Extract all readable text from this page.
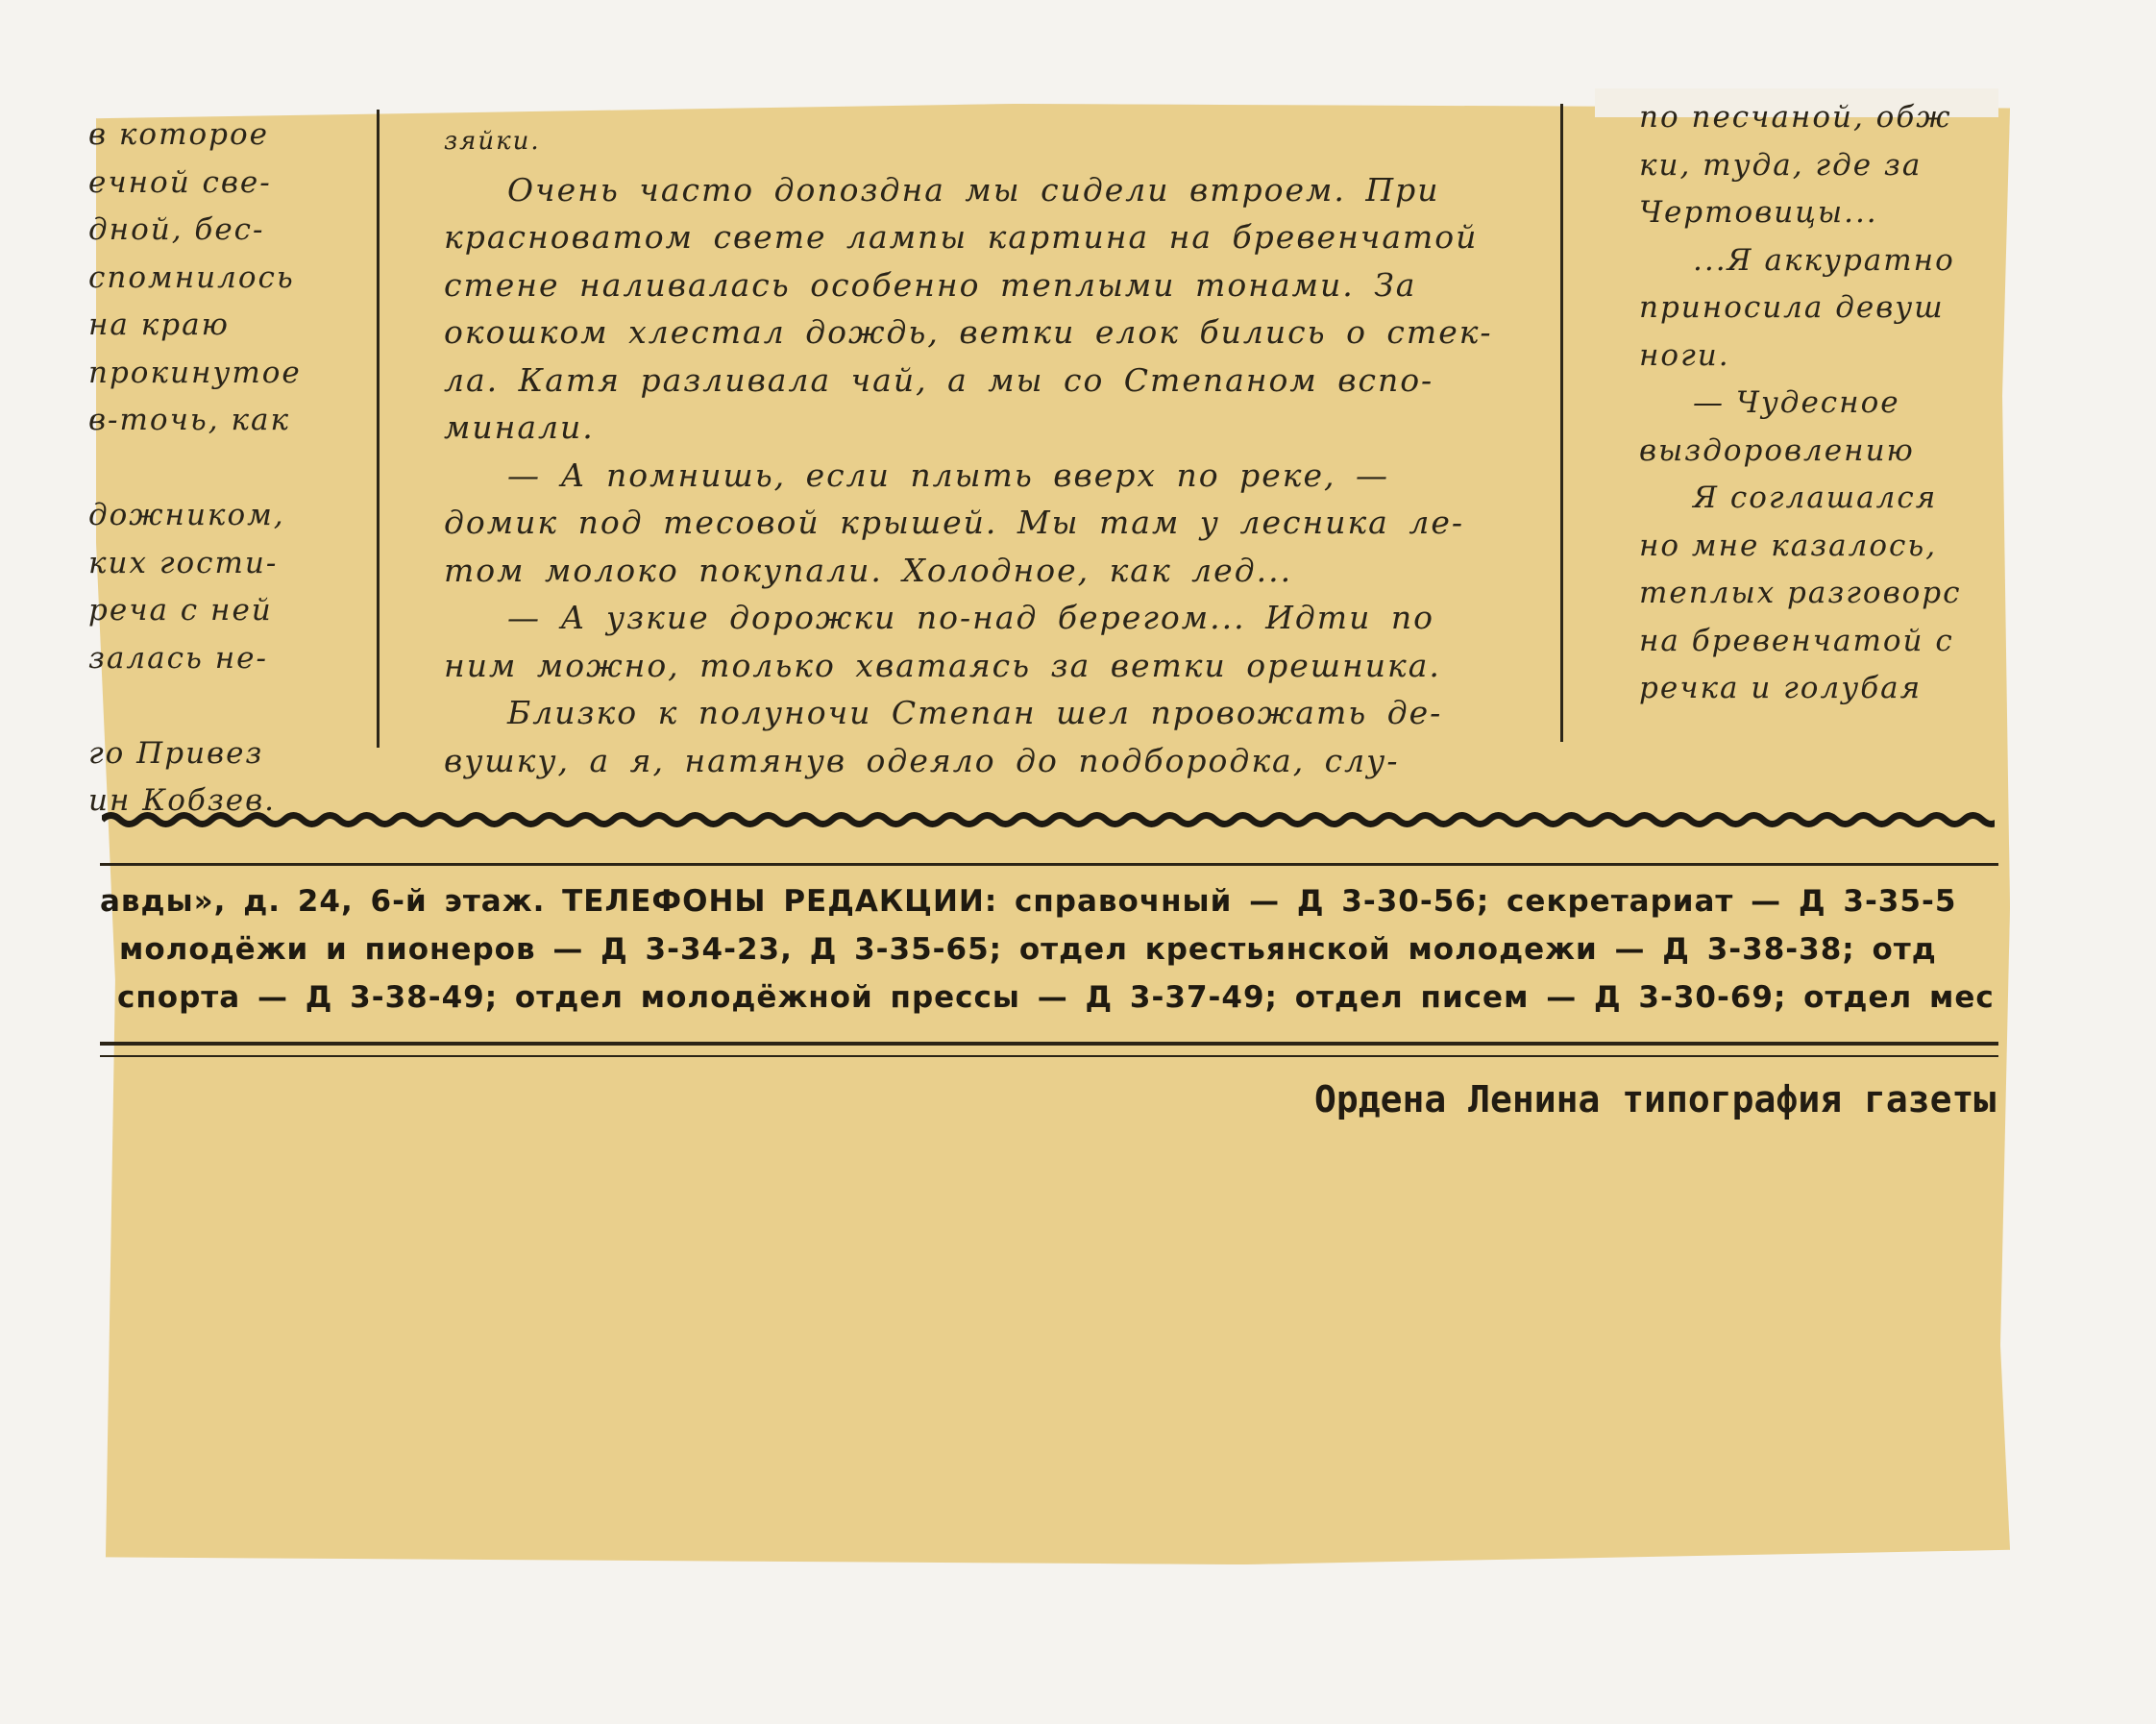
в которое
ечной све-
дной, бес-
спомнилось
на краю
прокинутое
в-точь, как
дожником,
ких гости-
реча с ней
залась не-
го Привез
ин Кобзев.
зяйки.
Очень часто допоздна мы сидели втроем. При
красноватом свете лампы картина на бревенчатой
стене наливалась особенно теплыми тонами. За
окошком хлестал дождь, ветки елок бились о стек-
ла. Катя разливала чай, а мы со Степаном вспо-
минали.
— А помнишь, если плыть вверх по реке, —
домик под тесовой крышей. Мы там у лесника ле-
том молоко покупали. Холодное, как лед...
— А узкие дорожки по-над берегом... Идти по
ним можно, только хватаясь за ветки орешника.
Близко к полуночи Степан шел провожать де-
вушку, а я, натянув одеяло до подбородка, слу-
по песчаной, обж
ки, туда, где за
Чертовицы...
...Я аккуратно
приносила девуш
ноги.
— Чудесное
выздоровлению
Я соглашался
но мне казалось,
теплых разговорс
на бревенчатой с
речка и голубая
авды», д. 24, 6-й этаж. ТЕЛЕФОНЫ РЕДАКЦИИ: справочный — Д 3-30-56; секретариат — Д 3-35-5
молодёжи и пионеров — Д 3-34-23, Д 3-35-65; отдел крестьянской молодежи — Д 3-38-38; отд
спорта — Д 3-38-49; отдел молодёжной прессы — Д 3-37-49; отдел писем — Д 3-30-69; отдел мес
Ордена Ленина типография газеты
